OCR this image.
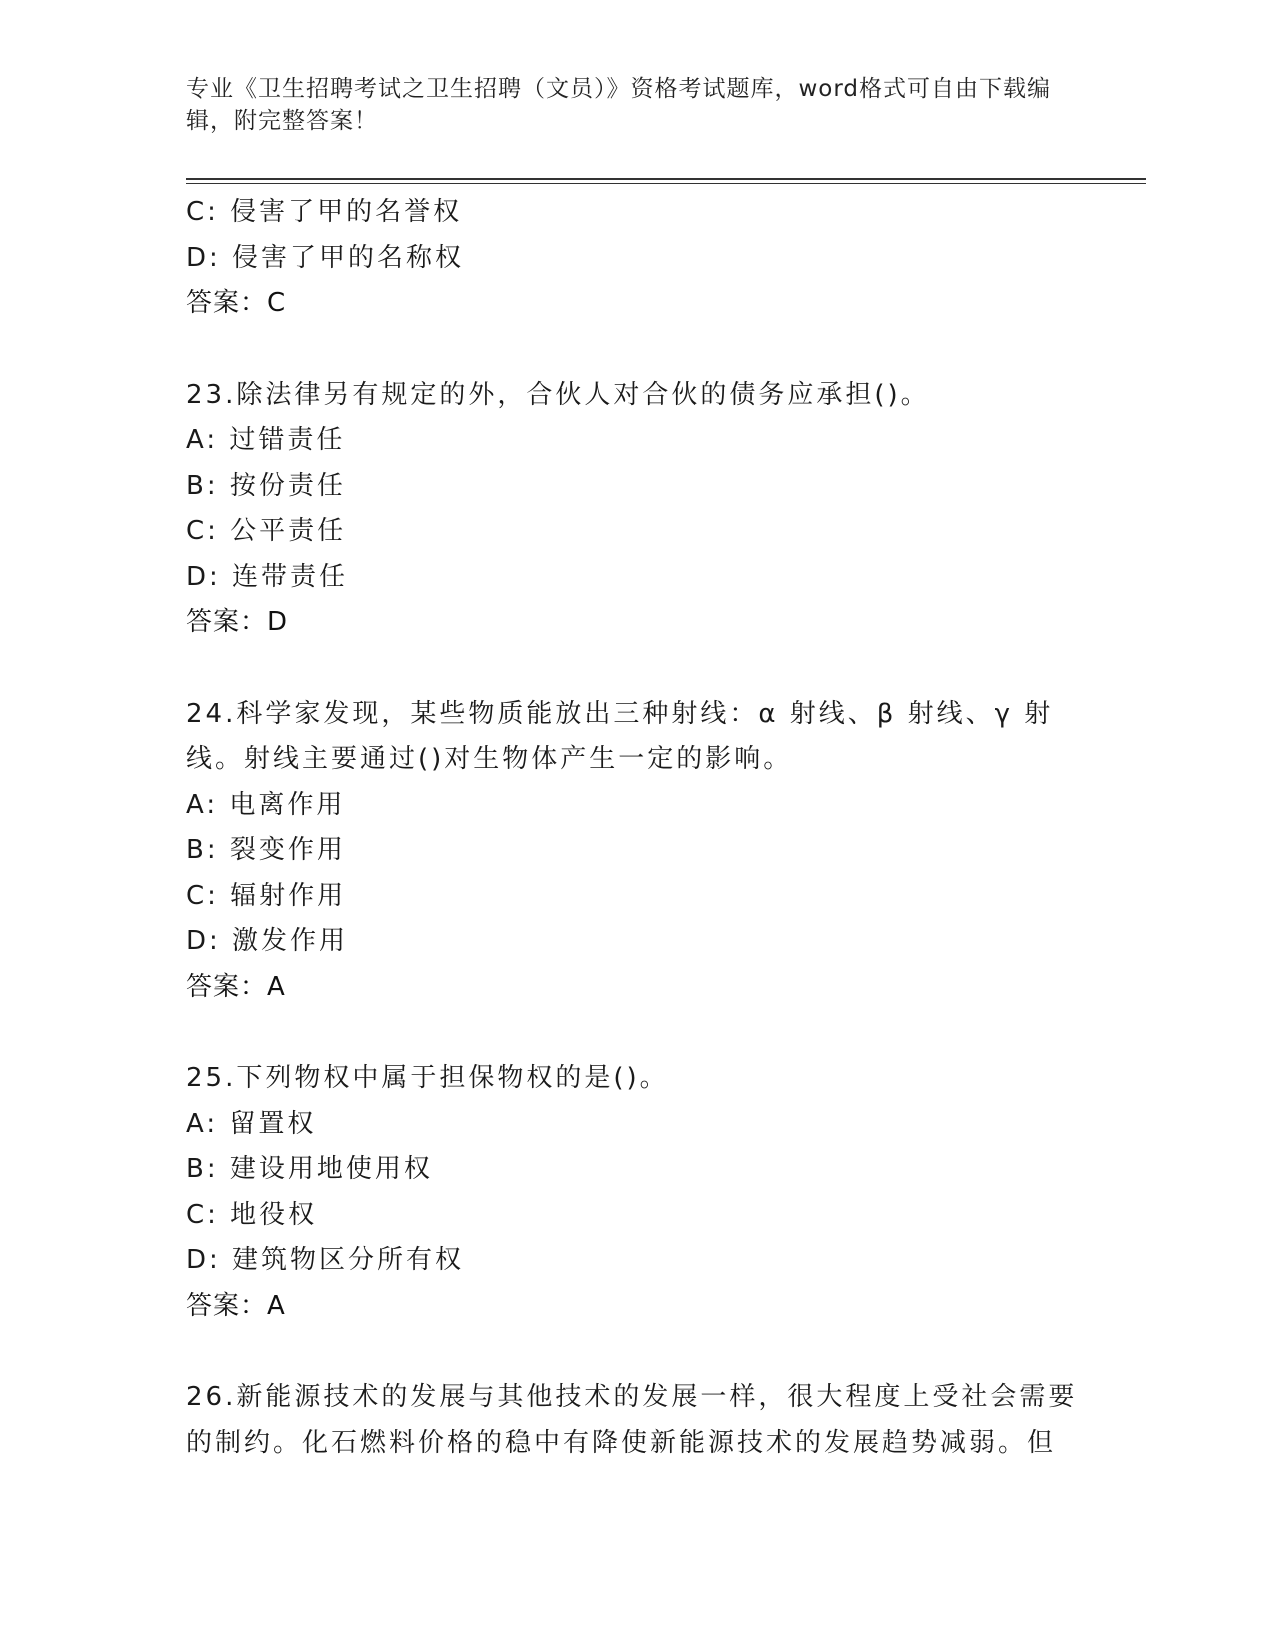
专业《卫生招聘考试之卫生招聘（文员）》资格考试题库，word格式可自由下载编辑，附完整答案！
C: 侵害了甲的名誉权
D: 侵害了甲的名称权
答案：C
23.除法律另有规定的外，合伙人对合伙的债务应承担()。
A: 过错责任
B: 按份责任
C: 公平责任
D: 连带责任
答案：D
24.科学家发现，某些物质能放出三种射线：α 射线、β 射线、γ 射线。射线主要通过()对生物体产生一定的影响。
A: 电离作用
B: 裂变作用
C: 辐射作用
D: 激发作用
答案：A
25.下列物权中属于担保物权的是()。
A: 留置权
B: 建设用地使用权
C: 地役权
D: 建筑物区分所有权
答案：A
26.新能源技术的发展与其他技术的发展一样，很大程度上受社会需要的制约。化石燃料价格的稳中有降使新能源技术的发展趋势减弱。但
